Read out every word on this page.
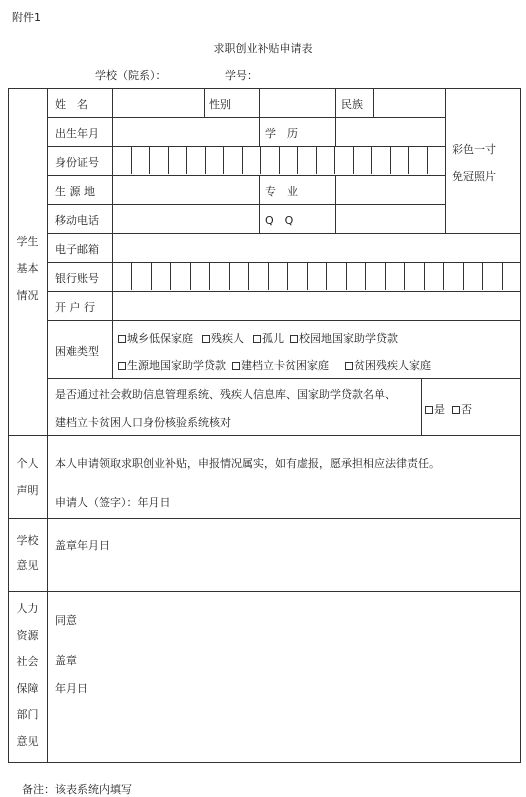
附件1
求职创业补贴申请表
学校（院系）：	学号：
学生
基本
情况
姓　名	性别	民族
出生年月	学　历
身份证号
生 源 地	专　业
移动电话	Q　Q
彩色一寸
免冠照片
电子邮箱
银行账号
开 户 行
困难类型
城乡低保家庭	残疾人	孤儿	校园地国家助学贷款
生源地国家助学贷款	建档立卡贫困家庭	贫困残疾人家庭
是否通过社会救助信息管理系统、残疾人信息库、国家助学贷款名单、
建档立卡贫困人口身份核验系统核对
是	否
个人
声明
本人申请领取求职创业补贴，申报情况属实，如有虚报，愿承担相应法律责任。
申请人（签字）：年月日
学校
意见
盖章年月日
人力
资源
社会
保障
部门
意见
同意
盖章
年月日
备注：该表系统内填写
